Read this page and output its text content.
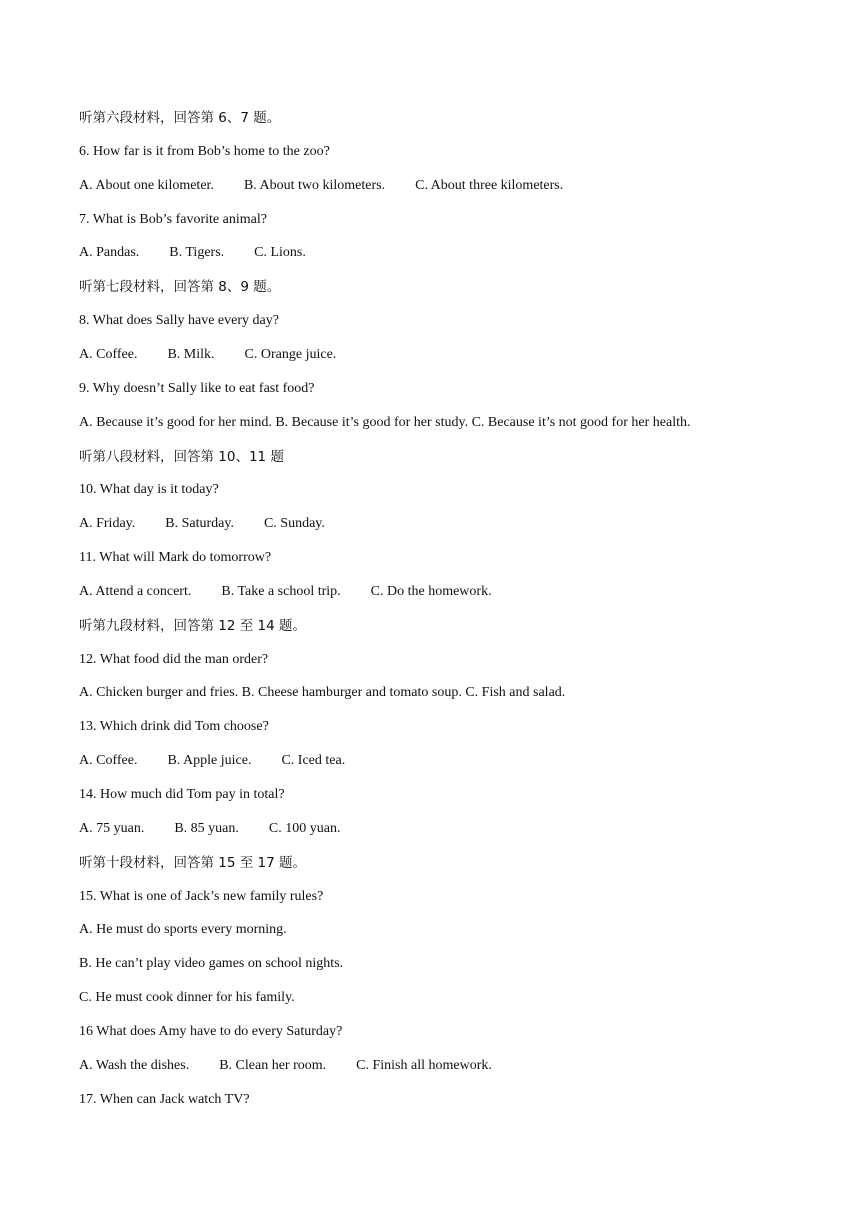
听第六段材料，回答第 6、7 题。
6. How far is it from Bob’s home to the zoo?
A. About one kilometer. B. About two kilometers. C. About three kilometers.
7. What is Bob’s favorite animal?
A. Pandas. B. Tigers. C. Lions.
听第七段材料，回答第 8、9 题。
8. What does Sally have every day?
A. Coffee. B. Milk. C. Orange juice.
9. Why doesn’t Sally like to eat fast food?
A. Because it’s good for her mind. B. Because it’s good for her study. C. Because it’s not good for her health.
听第八段材料，回答第 10、11 题
10. What day is it today?
A. Friday. B. Saturday. C. Sunday.
11. What will Mark do tomorrow?
A. Attend a concert. B. Take a school trip. C. Do the homework.
听第九段材料，回答第 12 至 14 题。
12. What food did the man order?
A. Chicken burger and fries. B. Cheese hamburger and tomato soup. C. Fish and salad.
13. Which drink did Tom choose?
A. Coffee. B. Apple juice. C. Iced tea.
14. How much did Tom pay in total?
A. 75 yuan. B. 85 yuan. C. 100 yuan.
听第十段材料，回答第 15 至 17 题。
15. What is one of Jack’s new family rules?
A. He must do sports every morning.
B. He can’t play video games on school nights.
C. He must cook dinner for his family.
16 What does Amy have to do every Saturday?
A. Wash the dishes. B. Clean her room. C. Finish all homework.
17. When can Jack watch TV?
